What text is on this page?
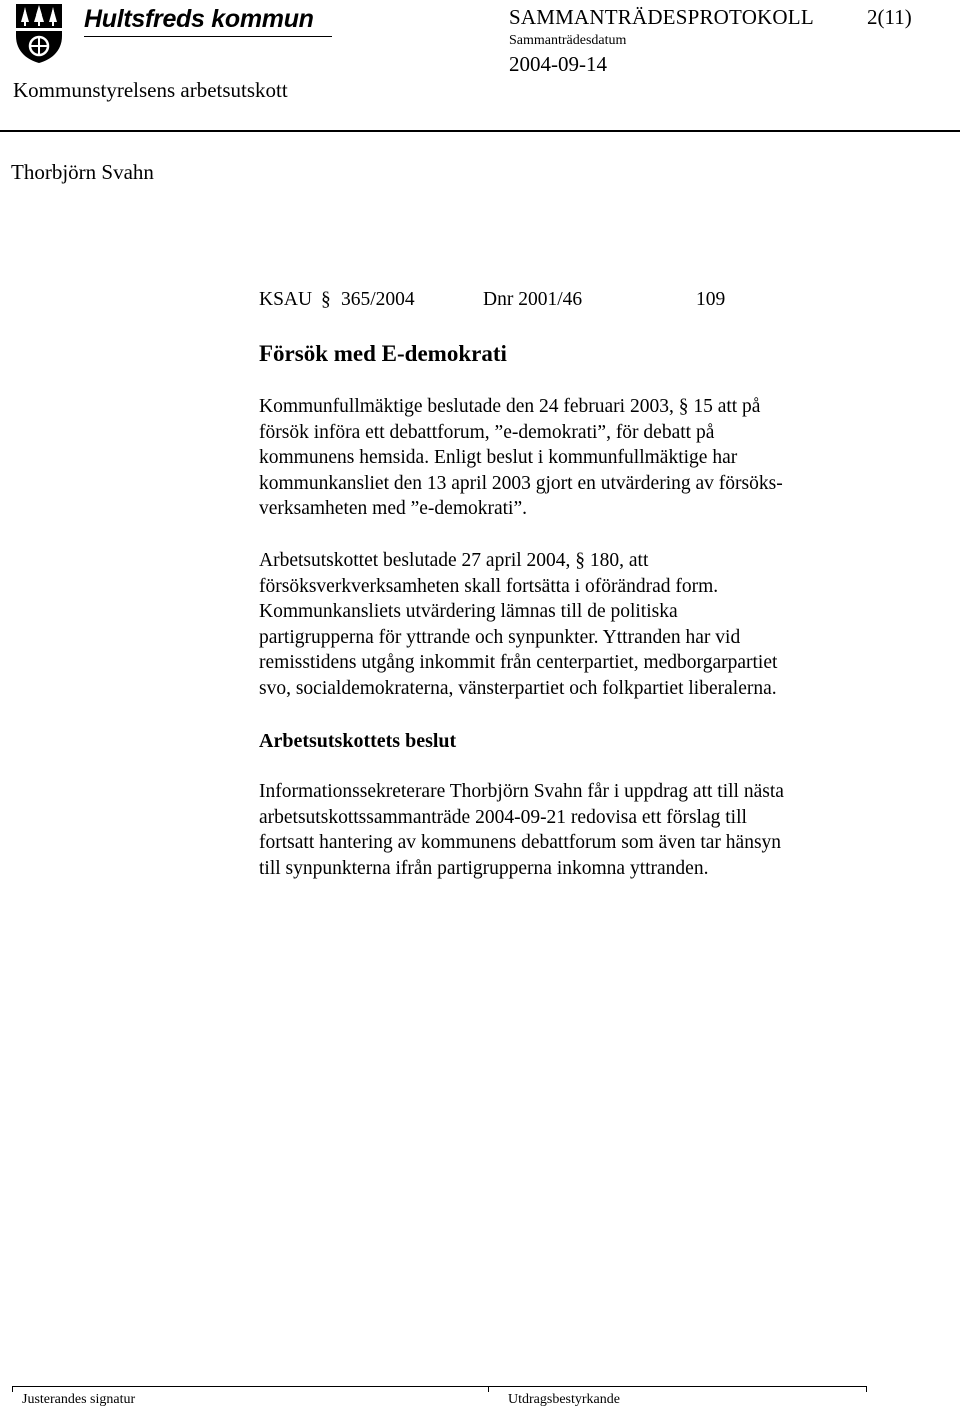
Hultsfreds kommun	SAMMANTRÄDESPROTOKOLL	2(11)
Sammanträdesdatum
2004-09-14
Kommunstyrelsens arbetsutskott
Thorbjörn Svahn
KSAU § 365/2004	Dnr 2001/46	109
Försök med E-demokrati
Kommunfullmäktige beslutade den 24 februari 2003, § 15 att på
försök införa ett debattforum, ”e-demokrati”, för debatt på
kommunens hemsida. Enligt beslut i kommunfullmäktige har
kommunkansliet den 13 april 2003 gjort en utvärdering av försöks-
verksamheten med ”e-demokrati”.
Arbetsutskottet beslutade 27 april 2004, § 180, att
försöksverkverksamheten skall fortsätta i oförändrad form.
Kommunkansliets utvärdering lämnas till de politiska
partigrupperna för yttrande och synpunkter. Yttranden har vid
remisstidens utgång inkommit från centerpartiet, medborgarpartiet
svo, socialdemokraterna, vänsterpartiet och folkpartiet liberalerna.
Arbetsutskottets beslut
Informationssekreterare Thorbjörn Svahn får i uppdrag att till nästa
arbetsutskottssammanträde 2004-09-21 redovisa ett förslag till
fortsatt hantering av kommunens debattforum som även tar hänsyn
till synpunkterna ifrån partigrupperna inkomna yttranden.
Justerandes signatur	Utdragsbestyrkande
